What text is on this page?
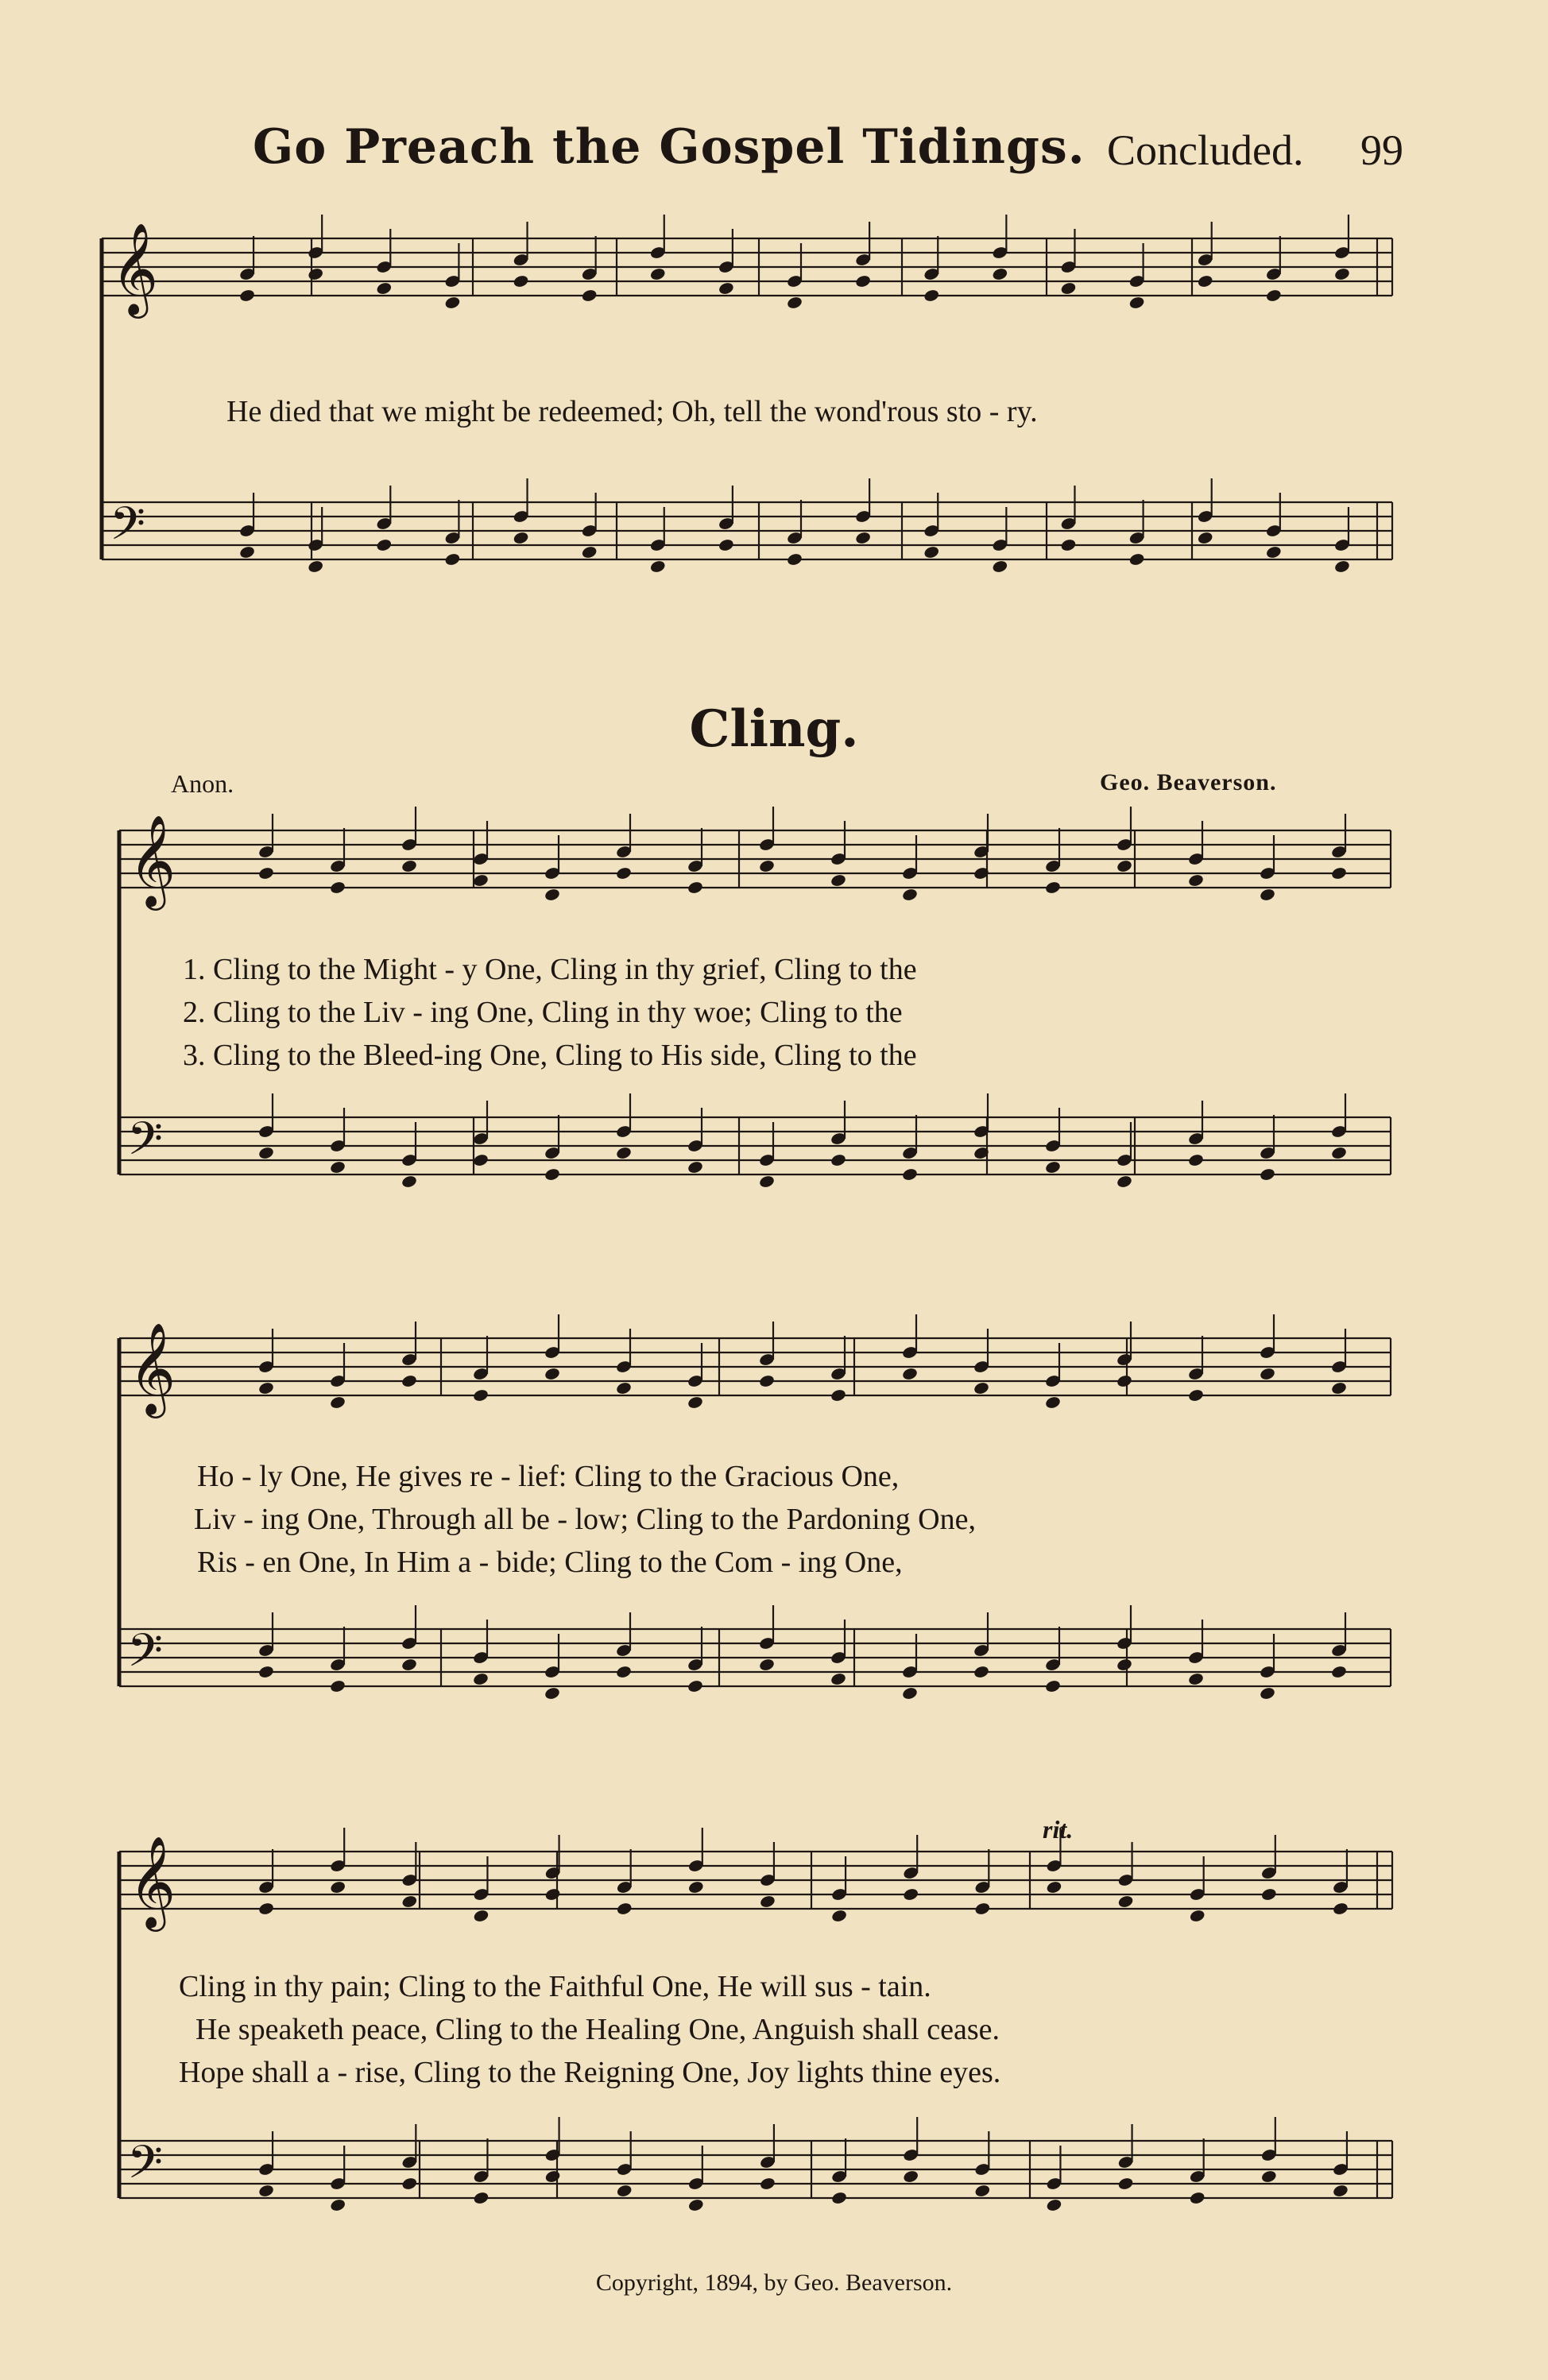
Go Preach the Gospel Tidings. Concluded. 99
𝄞
𝄢
𝄞
𝄢
𝄞
𝄢
𝄞
𝄢
He died that we might be redeemed; Oh, tell the wond'rous sto - ry.
Cling.
Anon.	Geo. Beaverson.
1. Cling to the Might - y One, Cling in thy grief, Cling to the
2. Cling to the Liv - ing One, Cling in thy woe; Cling to the
3. Cling to the Bleed-ing One, Cling to His side, Cling to the
Ho - ly One, He gives re - lief: Cling to the Gracious One,
Liv - ing One, Through all be - low; Cling to the Pardoning One,
Ris - en One, In Him a - bide; Cling to the Com - ing One,
rit.
Cling in thy pain; Cling to the Faithful One, He will sus - tain.
He speaketh peace, Cling to the Healing One, Anguish shall cease.
Hope shall a - rise, Cling to the Reigning One, Joy lights thine eyes.
Copyright, 1894, by Geo. Beaverson.
